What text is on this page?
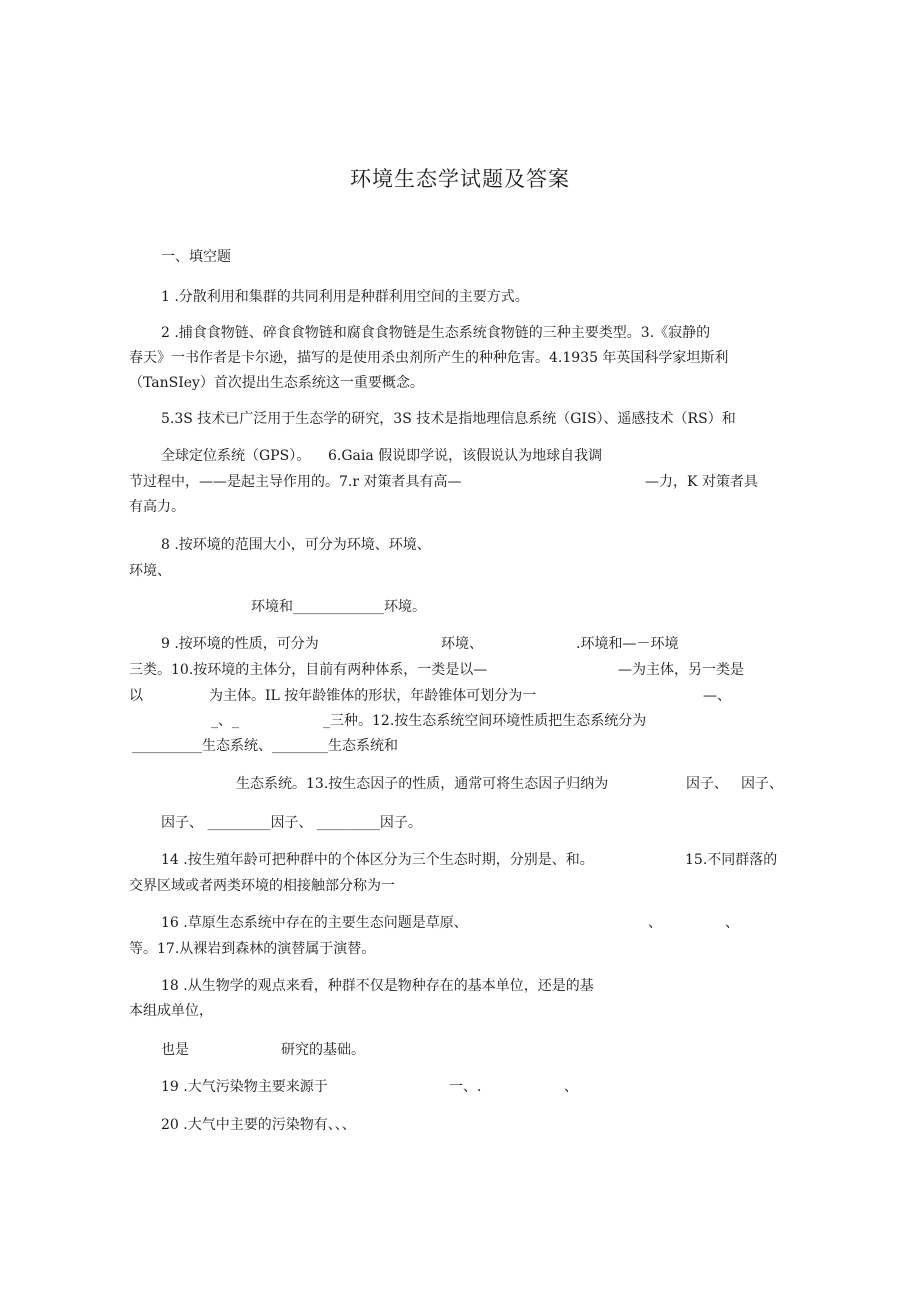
环境生态学试题及答案
一、填空题
1 .分散利用和集群的共同利用是种群利用空间的主要方式。
2 .捕食食物链、碎食食物链和腐食食物链是生态系统食物链的三种主要类型。3.《寂静的
春天》一书作者是卡尔逊，描写的是使用杀虫剂所产生的种种危害。4.1935 年英国科学家坦斯利
（TanSIey）首次提出生态系统这一重要概念。
5.3S 技术已广泛用于生态学的研究，3S 技术是指地理信息系统（GIS）、遥感技术（RS）和
全球定位系统（GPS）。    6.Gaia 假说即学说，该假说认为地球自我调
节过程中，——是起主导作用的。7.r 对策者具有高—	—力，K 对策者具
有高力。
8 .按环境的范围大小，可分为环境、环境、
环境、
环境和_____________环境。
9 .按环境的性质，可分为	环境、	.环境和—－环境
三类。10.按环境的主体分，目前有两种体系，一类是以—	—为主体，另一类是
以	为主体。IL 按年龄锥体的形状，年龄锥体可划分为一	—、
_、_	_三种。12.按生态系统空间环境性质把生态系统分为
__________生态系统、________生态系统和
生态系统。13.按生态因子的性质，通常可将生态因子归纳为	因子、 因子、
因子、 _________因子、 _________因子。
14 .按生殖年龄可把种群中的个体区分为三个生态时期，分别是、和。	15.不同群落的
交界区域或者两类环境的相接触部分称为一
16 .草原生态系统中存在的主要生态问题是草原、	、	、
等。17.从裸岩到森林的演替属于演替。
18 .从生物学的观点来看，种群不仅是物种存在的基本单位，还是的基
本组成单位，
也是	研究的基础。
19 .大气污染物主要来源于	一、.	、
20 .大气中主要的污染物有、、、
